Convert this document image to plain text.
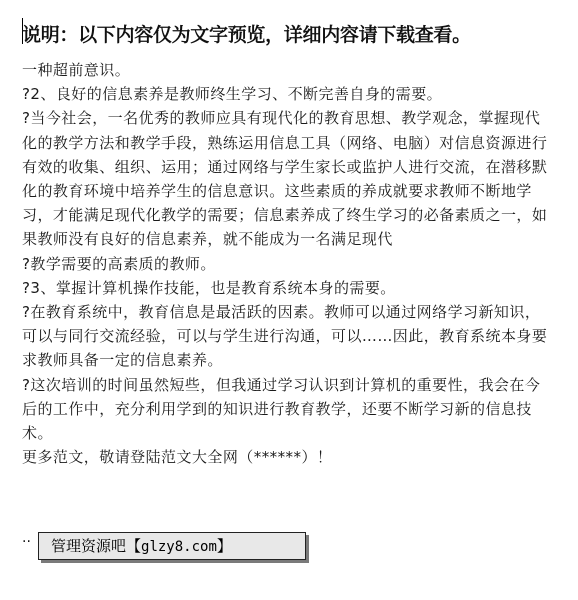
说明：以下内容仅为文字预览，详细内容请下载查看。

一种超前意识。

?2、良好的信息素养是教师终生学习、不断完善自身的需要。

?当今社会，一名优秀的教师应具有现代化的教育思想、教学观念，掌握现代化的教学方法和教学手段，熟练运用信息工具（网络、电脑）对信息资源进行有效的收集、组织、运用；通过网络与学生家长或监护人进行交流，在潜移默化的教育环境中培养学生的信息意识。这些素质的养成就要求教师不断地学习，才能满足现代化教学的需要；信息素养成了终生学习的必备素质之一，如果教师没有良好的信息素养，就不能成为一名满足现代

?教学需要的高素质的教师。

?3、掌握计算机操作技能，也是教育系统本身的需要。

?在教育系统中，教育信息是最活跃的因素。教师可以通过网络学习新知识，可以与同行交流经验，可以与学生进行沟通，可以……因此，教育系统本身要求教师具备一定的信息素养。

?这次培训的时间虽然短些，但我通过学习认识到计算机的重要性，我会在今后的工作中，充分利用学到的知识进行教育教学，还要不断学习新的信息技术。

更多范文，敬请登陆范文大全网（******）！

··	管理资源吧【glzy8.com】
